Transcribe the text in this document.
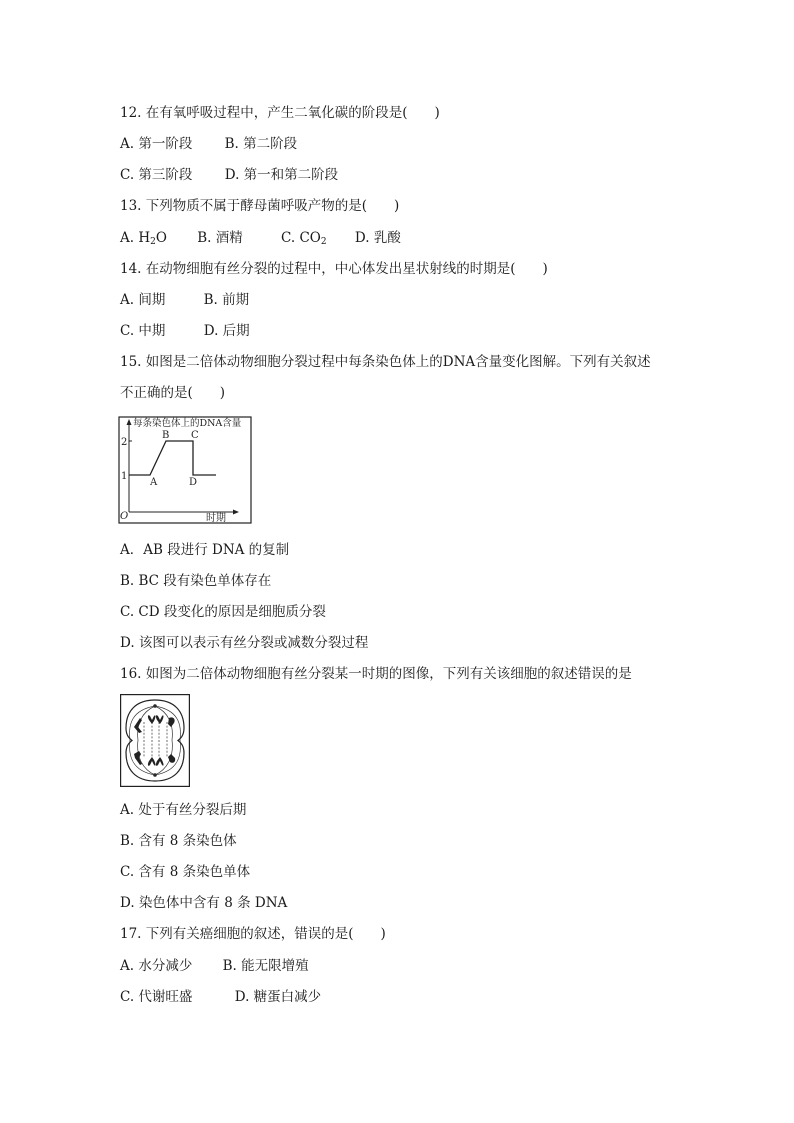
12. 在有氧呼吸过程中，产生二氧化碳的阶段是(　　)
A. 第一阶段 B. 第二阶段
C. 第三阶段 D. 第一和第二阶段
13. 下列物质不属于酵母菌呼吸产物的是(　　)
A. $H_2O$ B. 酒精	C. $CO_2$ D. 乳酸
14. 在动物细胞有丝分裂的过程中，中心体发出星状射线的时期是(　　)
A. 间期	B. 前期
C. 中期	D. 后期
15. 如图是二倍体动物细胞分裂过程中每条染色体上的DNA含量变化图解。下列有关叙述
不正确的是(　　)
每条染色体上的DNA含量
时期
O
1
2
A
B C
D
A．AB 段进行 DNA 的复制
B. BC 段有染色单体存在
C. CD 段变化的原因是细胞质分裂
D. 该图可以表示有丝分裂或减数分裂过程
16. 如图为二倍体动物细胞有丝分裂某一时期的图像，下列有关该细胞的叙述错误的是
A. 处于有丝分裂后期
B. 含有 8 条染色体
C. 含有 8 条染色单体
D. 染色体中含有 8 条 DNA
17. 下列有关癌细胞的叙述，错误的是(　　)
A. 水分减少 B. 能无限增殖
C. 代谢旺盛	D. 糖蛋白减少
